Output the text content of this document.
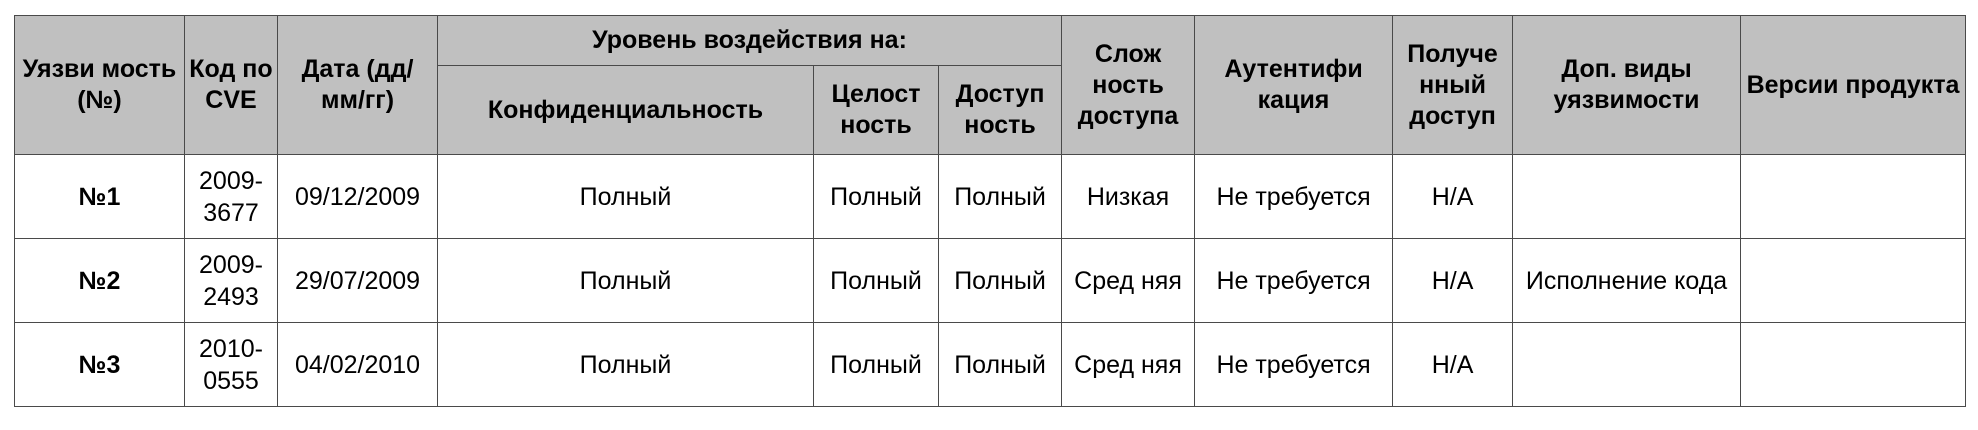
Уязви мость (№)	Код по CVE	Дата (дд/ мм/гг)	Уровень воздействия на:			Слож ность доступа	Аутентифи кация	Получе нный доступ	Доп. виды уязвимости	Версии продукта
			Конфиденциальность	Целост ность	Доступ ность					
№1	2009-3677	09/12/2009	Полный	Полный	Полный	Низкая	Не требуется	Н/А		
№2	2009-2493	29/07/2009	Полный	Полный	Полный	Сред няя	Не требуется	Н/А	Исполнение кода	
№3	2010-0555	04/02/2010	Полный	Полный	Полный	Сред няя	Не требуется	Н/А		
